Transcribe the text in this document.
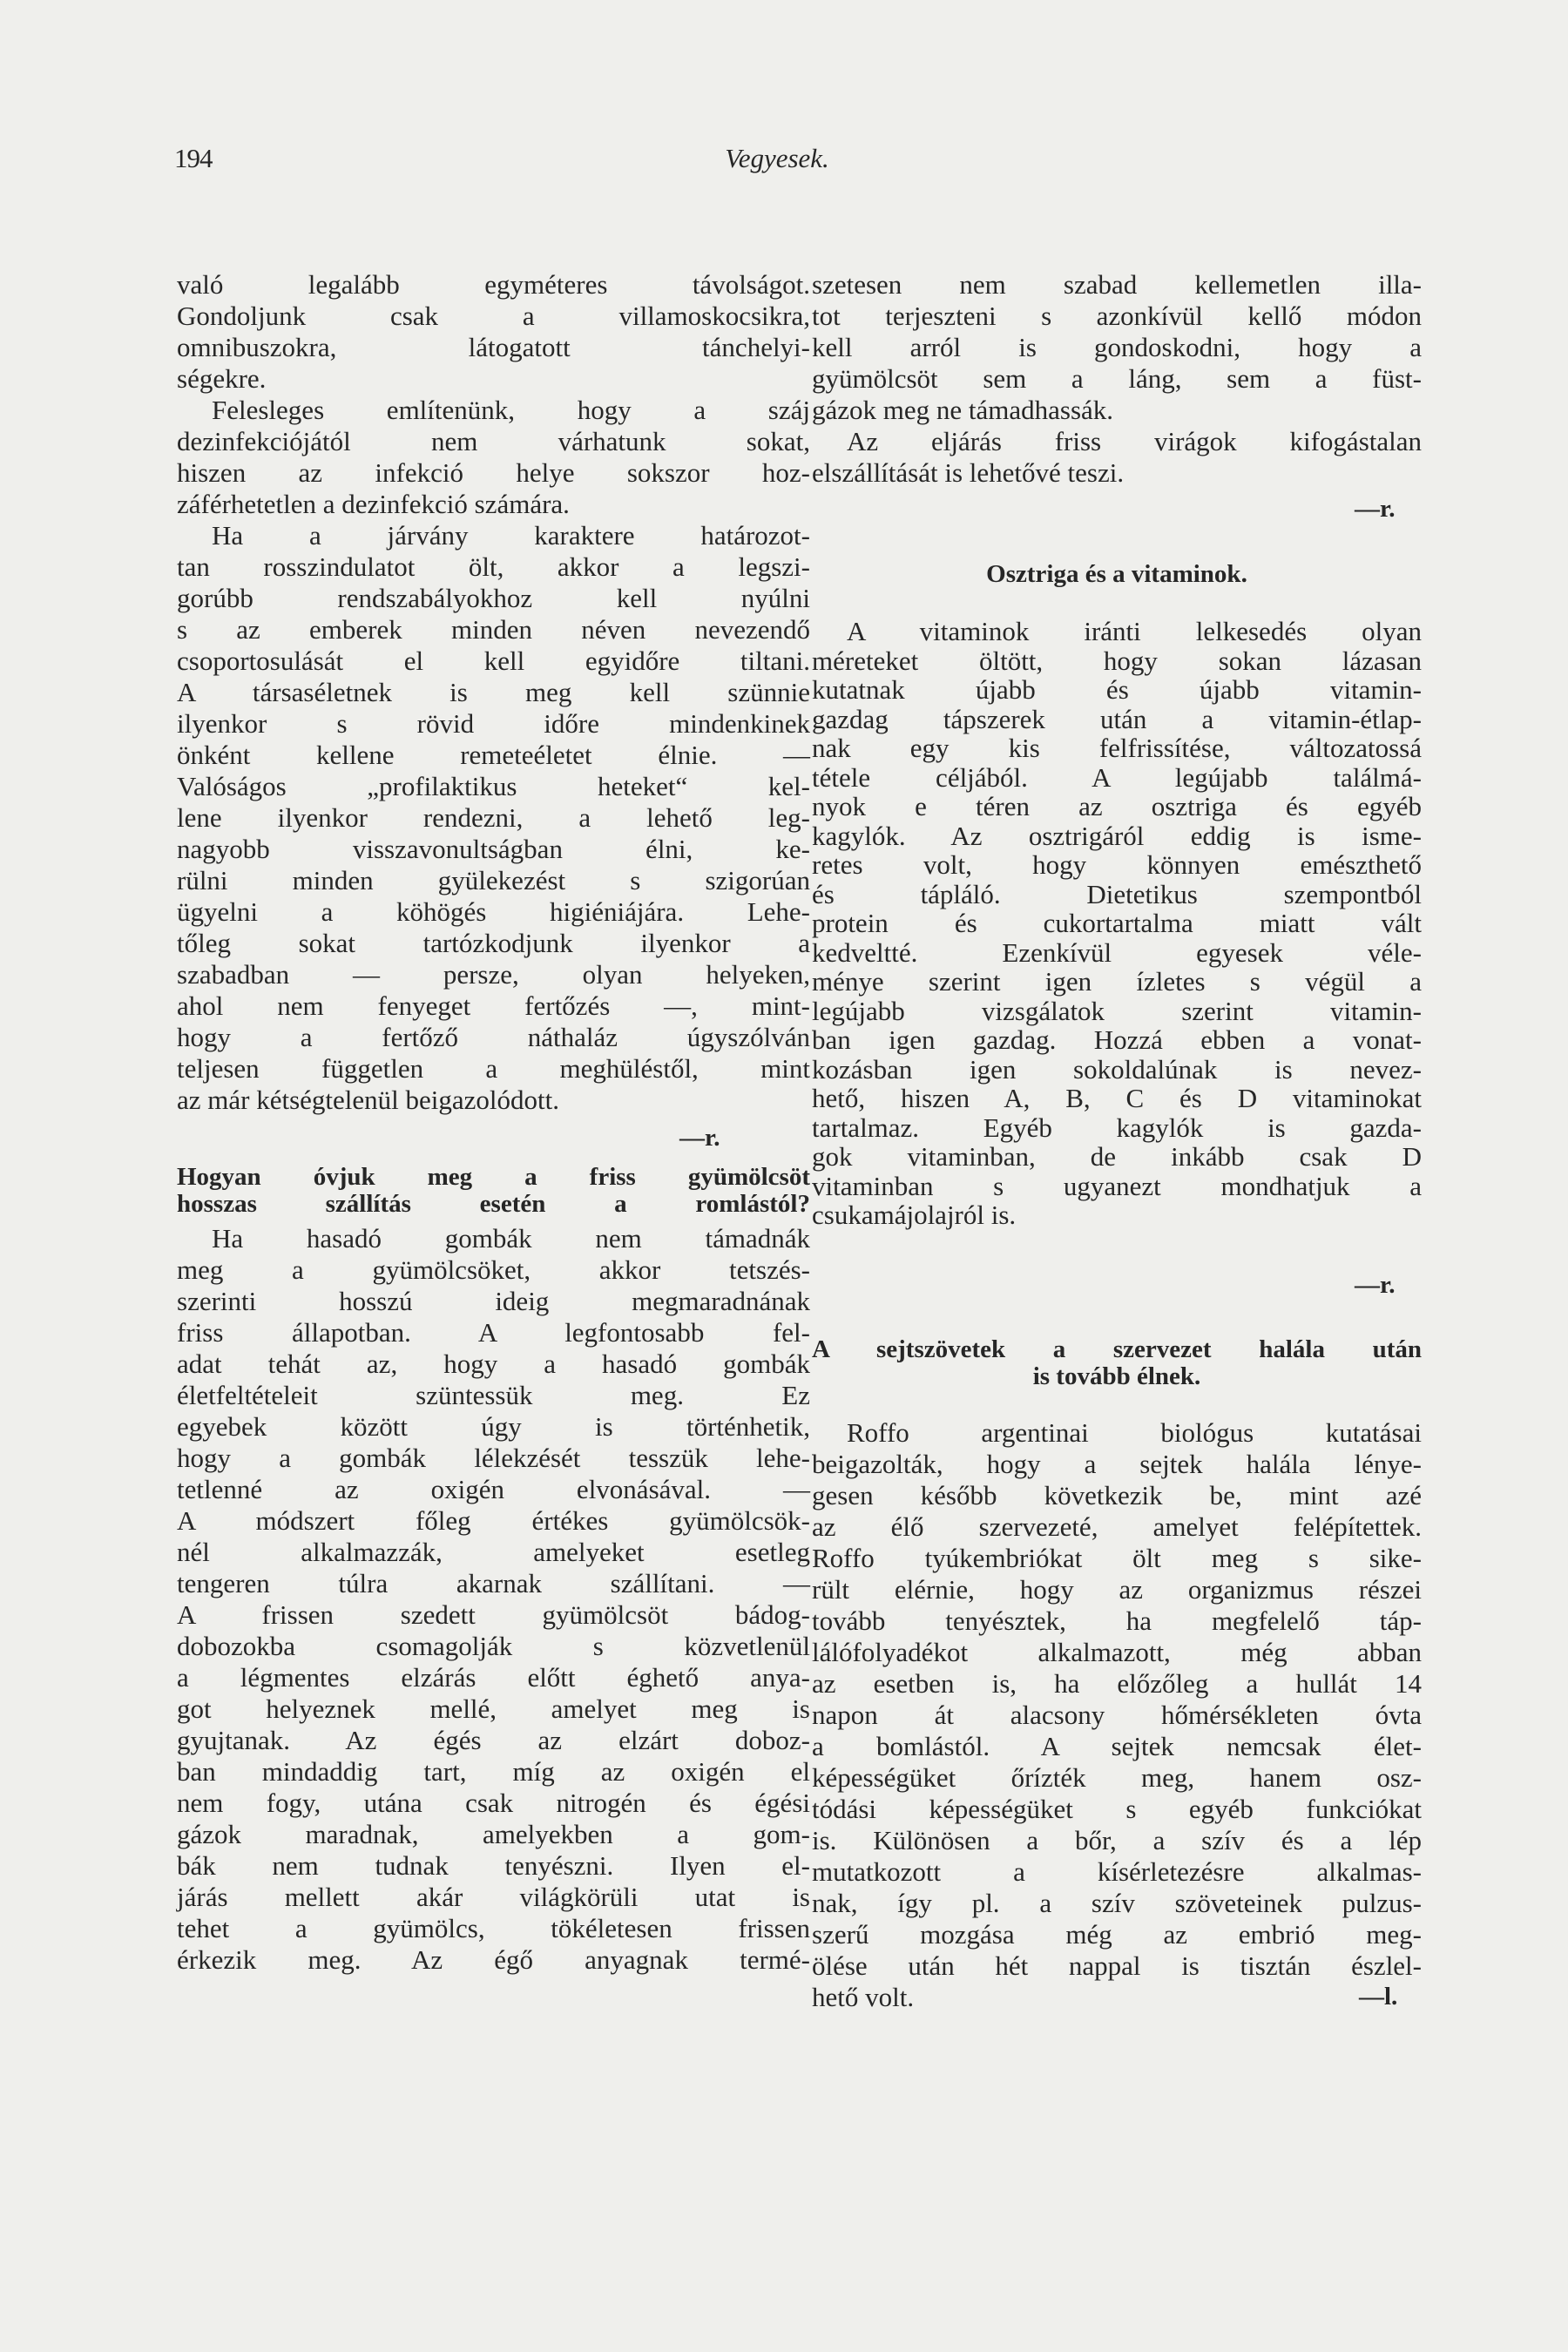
194	Vegyesek.
való legalább egyméteres távolságot.
Gondoljunk csak a villamoskocsikra,
omnibuszokra, látogatott tánchelyi-
ségekre.
Felesleges említenünk, hogy a száj
dezinfekciójától nem várhatunk sokat,
hiszen az infekció helye sokszor hoz-
záférhetetlen a dezinfekció számára.
Ha a járvány karaktere határozot-
tan rosszindulatot ölt, akkor a legszi-
gorúbb rendszabályokhoz kell nyúlni
s az emberek minden néven nevezendő
csoportosulását el kell egyidőre tiltani.
A társaséletnek is meg kell szünnie
ilyenkor s rövid időre mindenkinek
önként kellene remeteéletet élnie. —
Valóságos „profilaktikus heteket“ kel-
lene ilyenkor rendezni, a lehető leg-
nagyobb visszavonultságban élni, ke-
rülni minden gyülekezést s szigorúan
ügyelni a köhögés higiéniájára. Lehe-
tőleg sokat tartózkodjunk ilyenkor a
szabadban — persze, olyan helyeken,
ahol nem fenyeget fertőzés —, mint-
hogy a fertőző náthaláz úgyszólván
teljesen független a meghüléstől, mint
az már kétségtelenül beigazolódott.
—r.
Hogyan óvjuk meg a friss gyümölcsöt
hosszas szállítás esetén a romlástól?
Ha hasadó gombák nem támadnák
meg a gyümölcsöket, akkor tetszés-
szerinti hosszú ideig megmaradnának
friss állapotban. A legfontosabb fel-
adat tehát az, hogy a hasadó gombák
életfeltételeit szüntessük meg. Ez
egyebek között úgy is történhetik,
hogy a gombák lélekzését tesszük lehe-
tetlenné az oxigén elvonásával. —
A módszert főleg értékes gyümölcsök-
nél alkalmazzák, amelyeket esetleg
tengeren túlra akarnak szállítani. —
A frissen szedett gyümölcsöt bádog-
dobozokba csomagolják s közvetlenül
a légmentes elzárás előtt éghető anya-
got helyeznek mellé, amelyet meg is
gyujtanak. Az égés az elzárt doboz-
ban mindaddig tart, míg az oxigén el
nem fogy, utána csak nitrogén és égési
gázok maradnak, amelyekben a gom-
bák nem tudnak tenyészni. Ilyen el-
járás mellett akár világkörüli utat is
tehet a gyümölcs, tökéletesen frissen
érkezik meg. Az égő anyagnak termé-
szetesen nem szabad kellemetlen illa-
tot terjeszteni s azonkívül kellő módon
kell arról is gondoskodni, hogy a
gyümölcsöt sem a láng, sem a füst-
gázok meg ne támadhassák.
Az eljárás friss virágok kifogástalan
elszállítását is lehetővé teszi.
—r.
Osztriga és a vitaminok.
A vitaminok iránti lelkesedés olyan
méreteket öltött, hogy sokan lázasan
kutatnak újabb és újabb vitamin-
gazdag tápszerek után a vitamin-étlap-
nak egy kis felfrissítése, változatossá
tétele céljából. A legújabb találmá-
nyok e téren az osztriga és egyéb
kagylók. Az osztrigáról eddig is isme-
retes volt, hogy könnyen emészthető
és tápláló. Dietetikus szempontból
protein és cukortartalma miatt vált
kedveltté. Ezenkívül egyesek véle-
ménye szerint igen ízletes s végül a
legújabb vizsgálatok szerint vitamin-
ban igen gazdag. Hozzá ebben a vonat-
kozásban igen sokoldalúnak is nevez-
hető, hiszen A, B, C és D vitaminokat
tartalmaz. Egyéb kagylók is gazda-
gok vitaminban, de inkább csak D
vitaminban s ugyanezt mondhatjuk a
csukamájolajról is.
—r.
A sejtszövetek a szervezet halála után
is tovább élnek.
Roffo argentinai biológus kutatásai
beigazolták, hogy a sejtek halála lénye-
gesen később következik be, mint azé
az élő szervezeté, amelyet felépítettek.
Roffo tyúkembriókat ölt meg s sike-
rült elérnie, hogy az organizmus részei
tovább tenyésztek, ha megfelelő táp-
lálófolyadékot alkalmazott, még abban
az esetben is, ha előzőleg a hullát 14
napon át alacsony hőmérsékleten óvta
a bomlástól. A sejtek nemcsak élet-
képességüket őrízték meg, hanem osz-
tódási képességüket s egyéb funkciókat
is. Különösen a bőr, a szív és a lép
mutatkozott a kísérletezésre alkalmas-
nak, így pl. a szív szöveteinek pulzus-
szerű mozgása még az embrió meg-
ölése után hét nappal is tisztán észlel-
hető volt.	—l.
